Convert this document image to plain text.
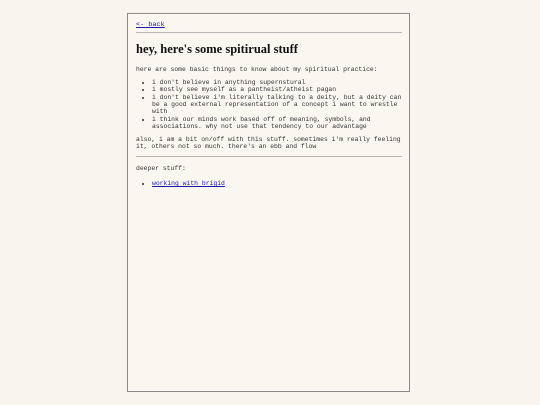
<- back
hey, here's some spitirual stuff

here are some basic things to know about my spiritual practice:

• i don't believe in anything supernstural
• i mostly see myself as a pantheist/atheist pagan
• i don't believe i'm literally talking to a deity, but a deity can be a good external representation of a concept i want to wrestle with
• i think our minds work based off of meaning, symbols, and associations. why not use that tendency to our advantage

also, i am a bit on/off with this stuff. sometimes i'm really feeling it, others not so much. there's an ebb and flow

deeper stuff:

• working with brigid
